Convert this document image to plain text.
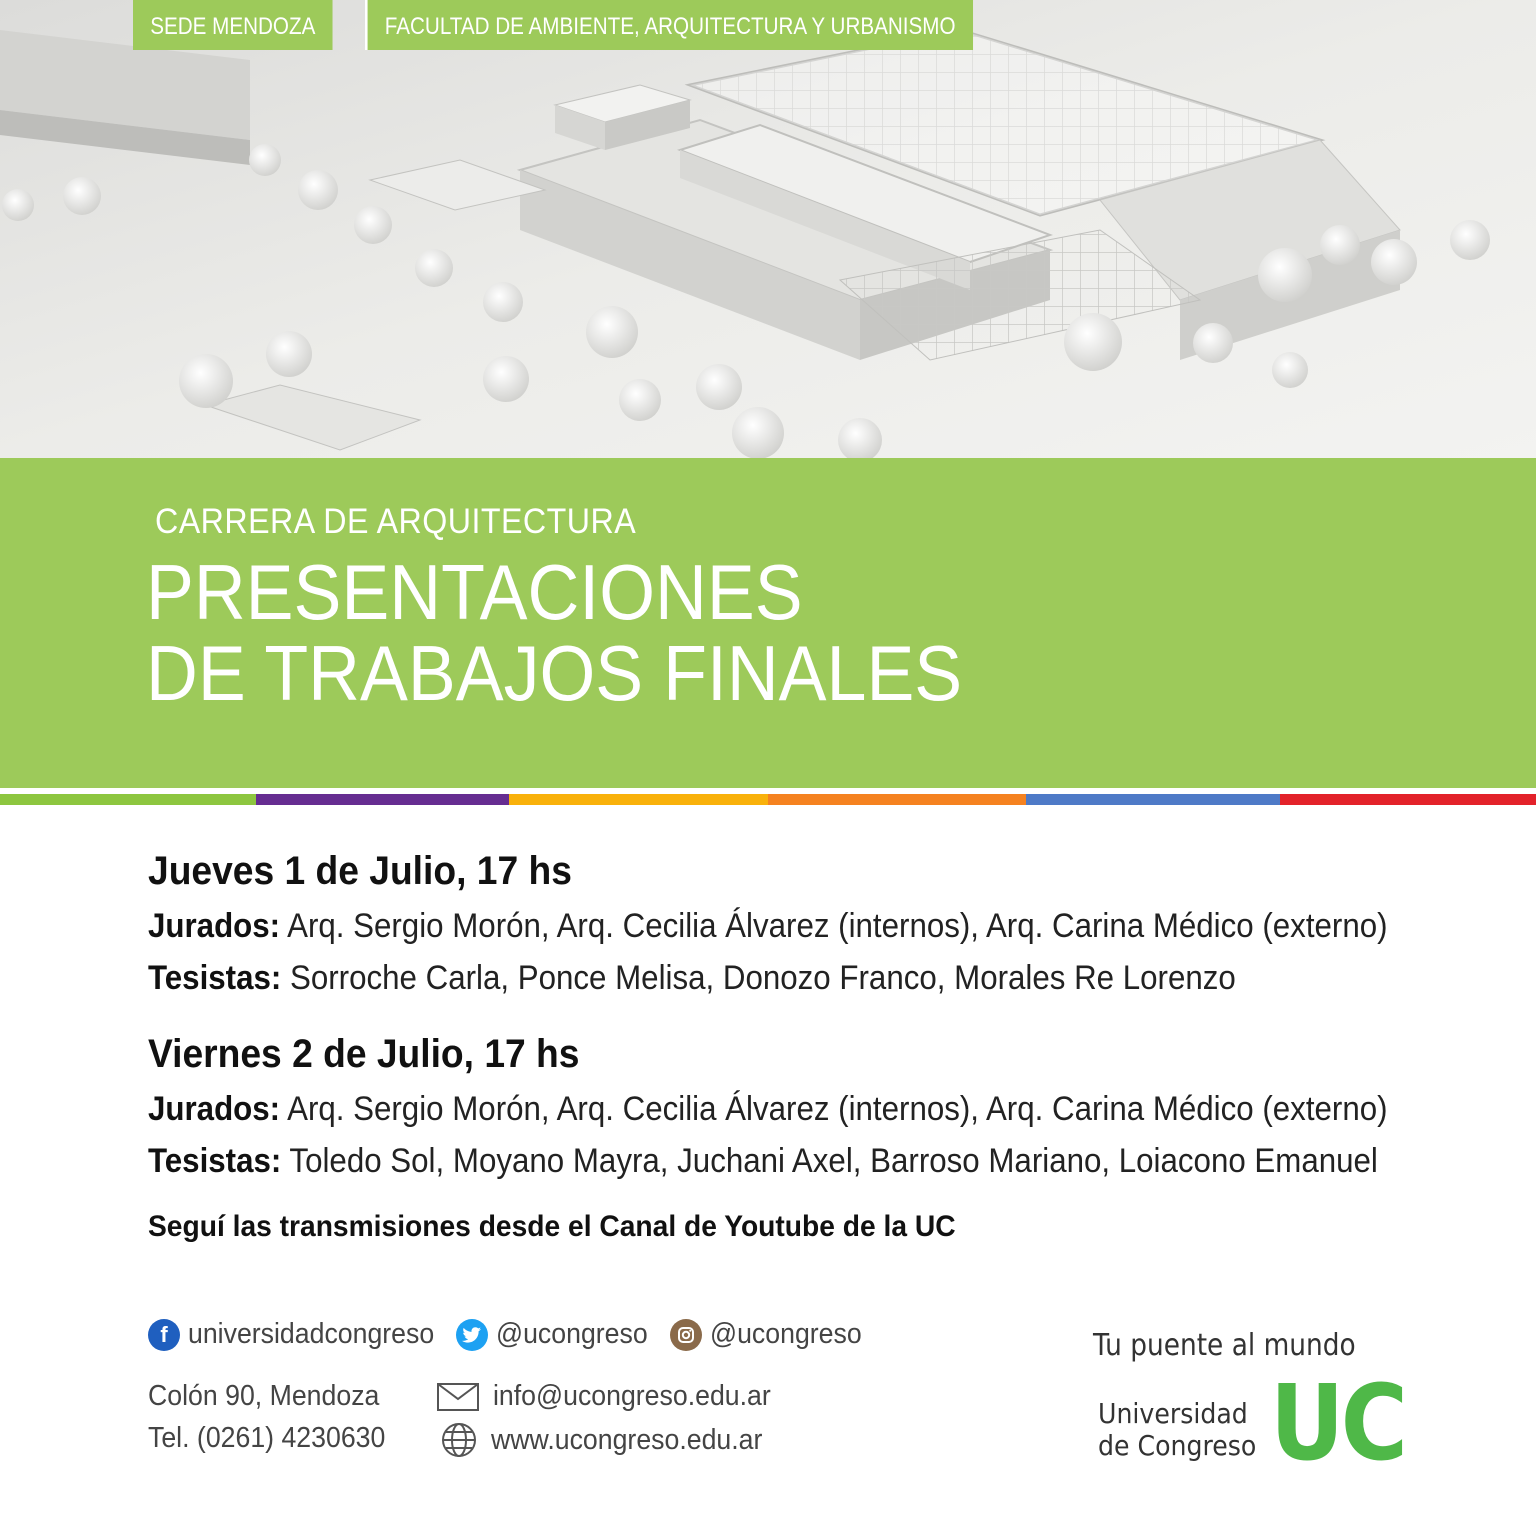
SEDE MENDOZA	FACULTAD DE AMBIENTE, ARQUITECTURA Y URBANISMO
CARRERA DE ARQUITECTURA
PRESENTACIONES
DE TRABAJOS FINALES
Jueves 1 de Julio, 17 hs
Jurados: Arq. Sergio Morón, Arq. Cecilia Álvarez (internos), Arq. Carina Médico (externo)
Tesistas: Sorroche Carla, Ponce Melisa, Donozo Franco, Morales Re Lorenzo
Viernes 2 de Julio, 17 hs
Jurados: Arq. Sergio Morón, Arq. Cecilia Álvarez (internos), Arq. Carina Médico (externo)
Tesistas: Toledo Sol, Moyano Mayra, Juchani Axel, Barroso Mariano, Loiacono Emanuel
Seguí las transmisiones desde el Canal de Youtube de la UC
f universidadcongreso @ucongreso @ucongreso
Colón 90, Mendoza
Tel. (0261) 4230630
info@ucongreso.edu.ar
www.ucongreso.edu.ar
Tu puente al mundo
Universidad
de Congreso UC
